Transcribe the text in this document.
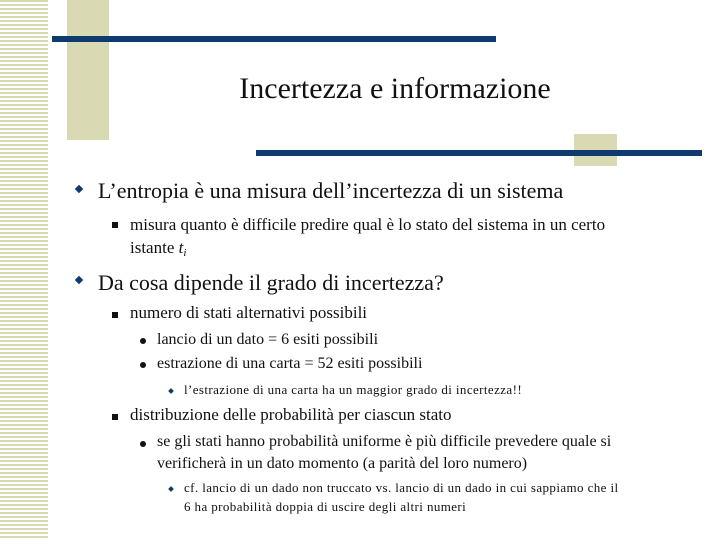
Incertezza e informazione
L’entropia è una misura dell’incertezza di un sistema
misura quanto è difficile predire qual è lo stato del sistema in un certo
istante $t_i$
Da cosa dipende il grado di incertezza?
numero di stati alternativi possibili
lancio di un dato = 6 esiti possibili
estrazione di una carta = 52 esiti possibili
l’estrazione di una carta ha un maggior grado di incertezza!!
distribuzione delle probabilità per ciascun stato
se gli stati hanno probabilità uniforme è più difficile prevedere quale si
verificherà in un dato momento (a parità del loro numero)
cf. lancio di un dado non truccato vs. lancio di un dado in cui sappiamo che il
6 ha probabilità doppia di uscire degli altri numeri
